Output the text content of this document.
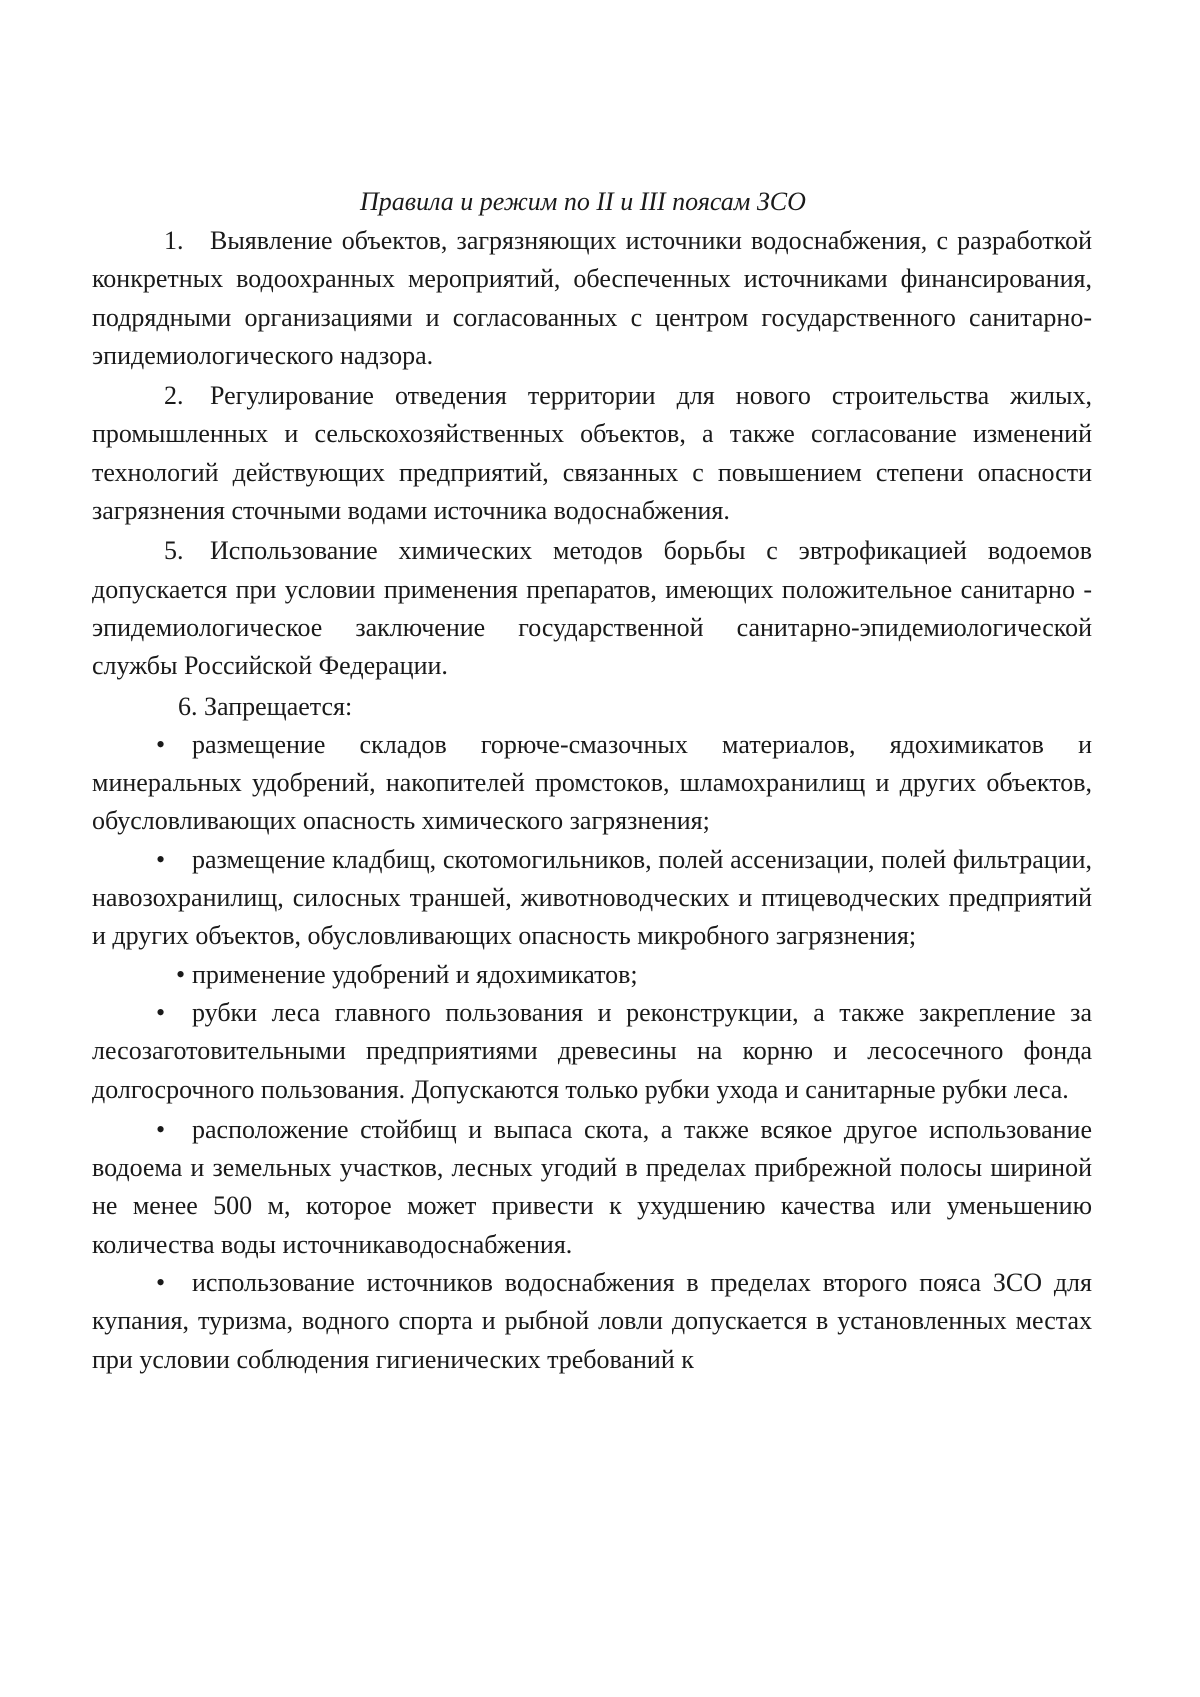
Правила и режим по II и III поясам ЗСО

1. Выявление объектов, загрязняющих источники водоснабжения, с разработкой конкретных водоохранных мероприятий, обеспеченных источниками финансирования, подрядными организациями и согласованных с центром государственного санитарно-эпидемиологического надзора.

2. Регулирование отведения территории для нового строительства жилых, промышленных и сельскохозяйственных объектов, а также согласование изменений технологий действующих предприятий, связанных с повышением степени опасности загрязнения сточными водами источника водоснабжения.

5. Использование химических методов борьбы с эвтрофикацией водоемов допускается при условии применения препаратов, имеющих положительное санитарно - эпидемиологическое заключение государственной санитарно-эпидемиологической службы Российской Федерации.

6. Запрещается:

• размещение складов горюче-смазочных материалов, ядохимикатов и минеральных удобрений, накопителей промстоков, шламохранилищ и других объектов, обусловливающих опасность химического загрязнения;

• размещение кладбищ, скотомогильников, полей ассенизации, полей фильтрации, навозохранилищ, силосных траншей, животноводческих и птицеводческих предприятий и других объектов, обусловливающих опасность микробного загрязнения;

• применение удобрений и ядохимикатов;

• рубки леса главного пользования и реконструкции, а также закрепление за лесозаготовительными предприятиями древесины на корню и лесосечного фонда долгосрочного пользования. Допускаются только рубки ухода и санитарные рубки леса.

• расположение стойбищ и выпаса скота, а также всякое другое использование водоема и земельных участков, лесных угодий в пределах прибрежной полосы шириной не менее 500 м, которое может привести к ухудшению качества или уменьшению количества воды источникаводоснабжения.

• использование источников водоснабжения в пределах второго пояса ЗСО для купания, туризма, водного спорта и рыбной ловли допускается в установленных местах при условии соблюдения гигиенических требований к
